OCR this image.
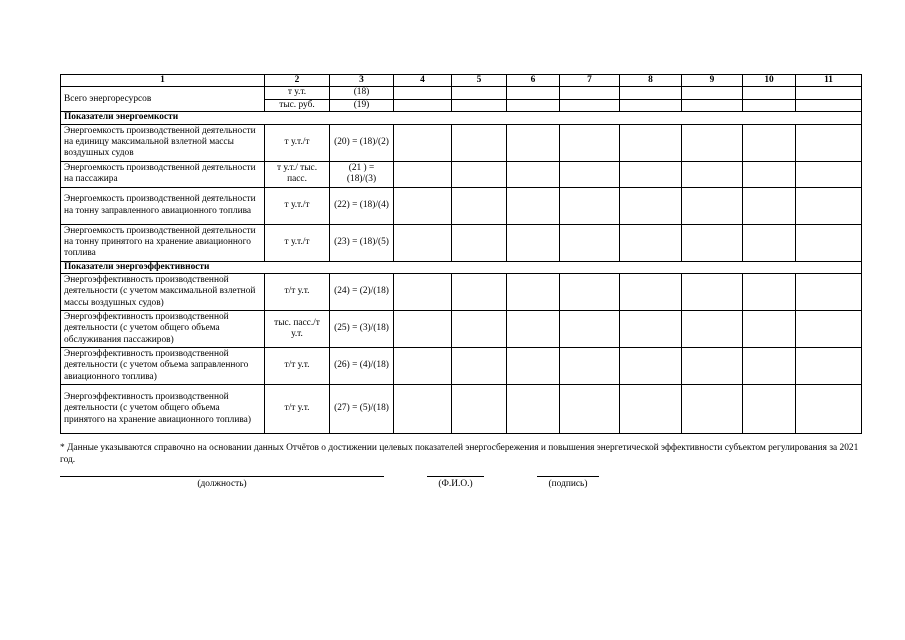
1	2	3	4	5	6	7	8	9	10	11
Всего энергоресурсов	т у.т.	(18)								
	тыс. руб.	(19)								
Показатели энергоемкости										
Энергоемкость производственной деятельности на единицу максимальной взлетной массы воздушных судов	т у.т./т	(20) = (18)/(2)								
Энергоемкость производственной деятельности на пассажира	т у.т./ тыс. пасс.	(21 ) = (18)/(3)								
Энергоемкость производственной деятельности на тонну заправленного авиационного топлива	т у.т./т	(22) = (18)/(4)								
Энергоемкость производственной деятельности на тонну принятого на хранение авиационного топлива	т у.т./т	(23) = (18)/(5)								
Показатели энергоэффективности										
Энергоэффективность производственной деятельности (с учетом максимальной взлетной массы воздушных судов)	т/т у.т.	(24) = (2)/(18)								
Энергоэффективность производственной деятельности (с учетом общего объема обслуживания пассажиров)	тыс. пасс./т у.т.	(25) = (3)/(18)								
Энергоэффективность производственной деятельности (с учетом объема заправленного авиационного топлива)	т/т у.т.	(26) = (4)/(18)								
Энергоэффективность производственной деятельности (с учетом общего объема принятого на хранение авиационного топлива)	т/т у.т.	(27) = (5)/(18)								
* Данные указываются справочно на основании данных Отчётов о достижении целевых показателей энергосбережения и повышения энергетической эффективности субъектом регулирования за 2021 год.
(должность)	(Ф.И.О.)	(подпись)
